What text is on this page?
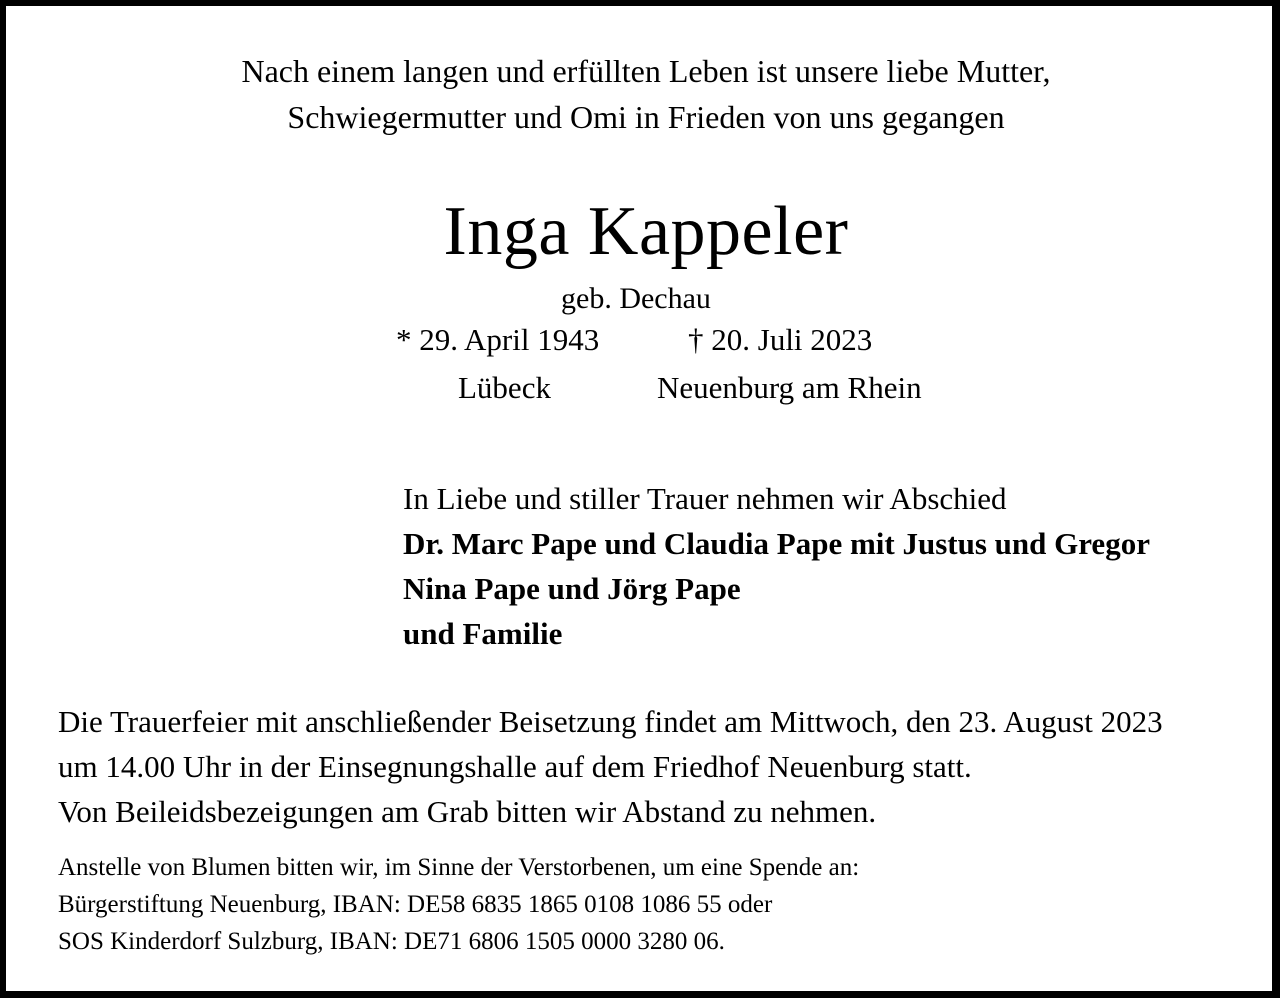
Nach einem langen und erfüllten Leben ist unsere liebe Mutter,
Schwiegermutter und Omi in Frieden von uns gegangen
Inga Kappeler
geb. Dechau
* 29. April 1943	† 20. Juli 2023
Lübeck	Neuenburg am Rhein
In Liebe und stiller Trauer nehmen wir Abschied
Dr. Marc Pape und Claudia Pape mit Justus und Gregor
Nina Pape und Jörg Pape
und Familie
Die Trauerfeier mit anschließender Beisetzung findet am Mittwoch, den 23. August 2023
um 14.00 Uhr in der Einsegnungshalle auf dem Friedhof Neuenburg statt.
Von Beileidsbezeigungen am Grab bitten wir Abstand zu nehmen.
Anstelle von Blumen bitten wir, im Sinne der Verstorbenen, um eine Spende an:
Bürgerstiftung Neuenburg, IBAN: DE58 6835 1865 0108 1086 55 oder
SOS Kinderdorf Sulzburg, IBAN: DE71 6806 1505 0000 3280 06.
